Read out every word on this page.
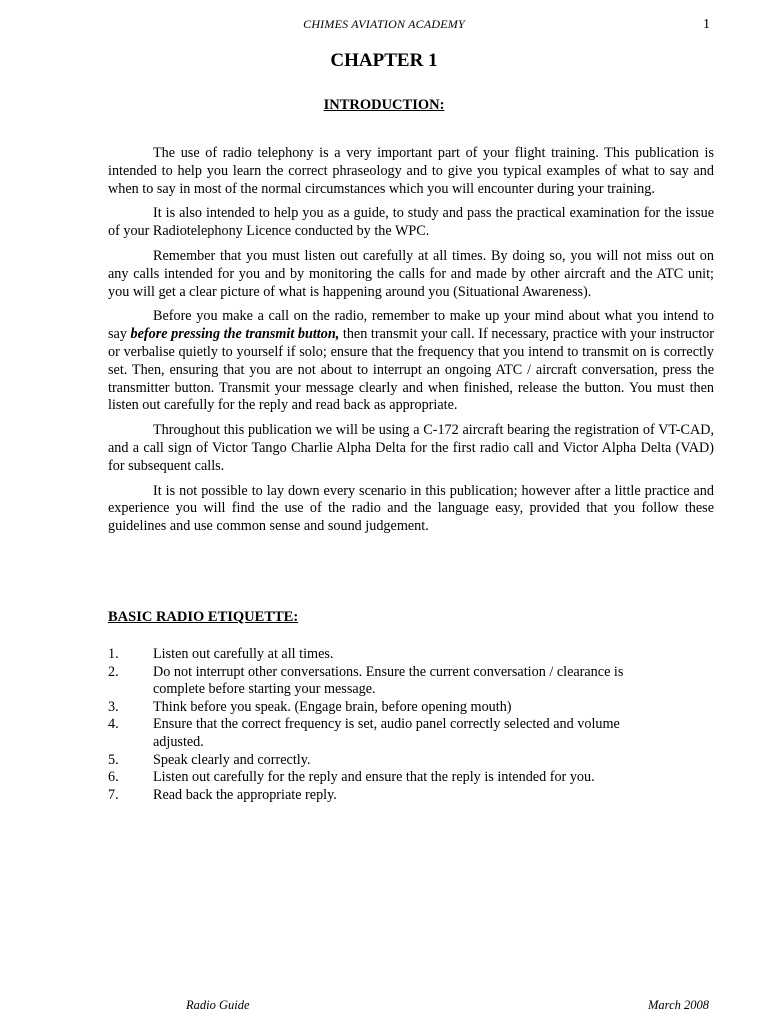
CHIMES AVIATION ACADEMY	1
CHAPTER 1
INTRODUCTION:

The use of radio telephony is a very important part of your flight training. This publication is intended to help you learn the correct phraseology and to give you typical examples of what to say and when to say in most of the normal circumstances which you will encounter during your training.

It is also intended to help you as a guide, to study and pass the practical examination for the issue of your Radiotelephony Licence conducted by the WPC.

Remember that you must listen out carefully at all times. By doing so, you will not miss out on any calls intended for you and by monitoring the calls for and made by other aircraft and the ATC unit; you will get a clear picture of what is happening around you (Situational Awareness).

Before you make a call on the radio, remember to make up your mind about what you intend to say before pressing the transmit button, then transmit your call. If necessary, practice with your instructor or verbalise quietly to yourself if solo; ensure that the frequency that you intend to transmit on is correctly set. Then, ensuring that you are not about to interrupt an ongoing ATC / aircraft conversation, press the transmitter button. Transmit your message clearly and when finished, release the button. You must then listen out carefully for the reply and read back as appropriate.

Throughout this publication we will be using a C-172 aircraft bearing the registration of VT-CAD, and a call sign of Victor Tango Charlie Alpha Delta for the first radio call and Victor Alpha Delta (VAD) for subsequent calls.

It is not possible to lay down every scenario in this publication; however after a little practice and experience you will find the use of the radio and the language easy, provided that you follow these guidelines and use common sense and sound judgement.

BASIC RADIO ETIQUETTE:
1.	Listen out carefully at all times.
2.	Do not interrupt other conversations. Ensure the current conversation / clearance is complete before starting your message.
3.	Think before you speak. (Engage brain, before opening mouth)
4.	Ensure that the correct frequency is set, audio panel correctly selected and volume adjusted.
5.	Speak clearly and correctly.
6.	Listen out carefully for the reply and ensure that the reply is intended for you.
7.	Read back the appropriate reply.
Radio Guide	March 2008
